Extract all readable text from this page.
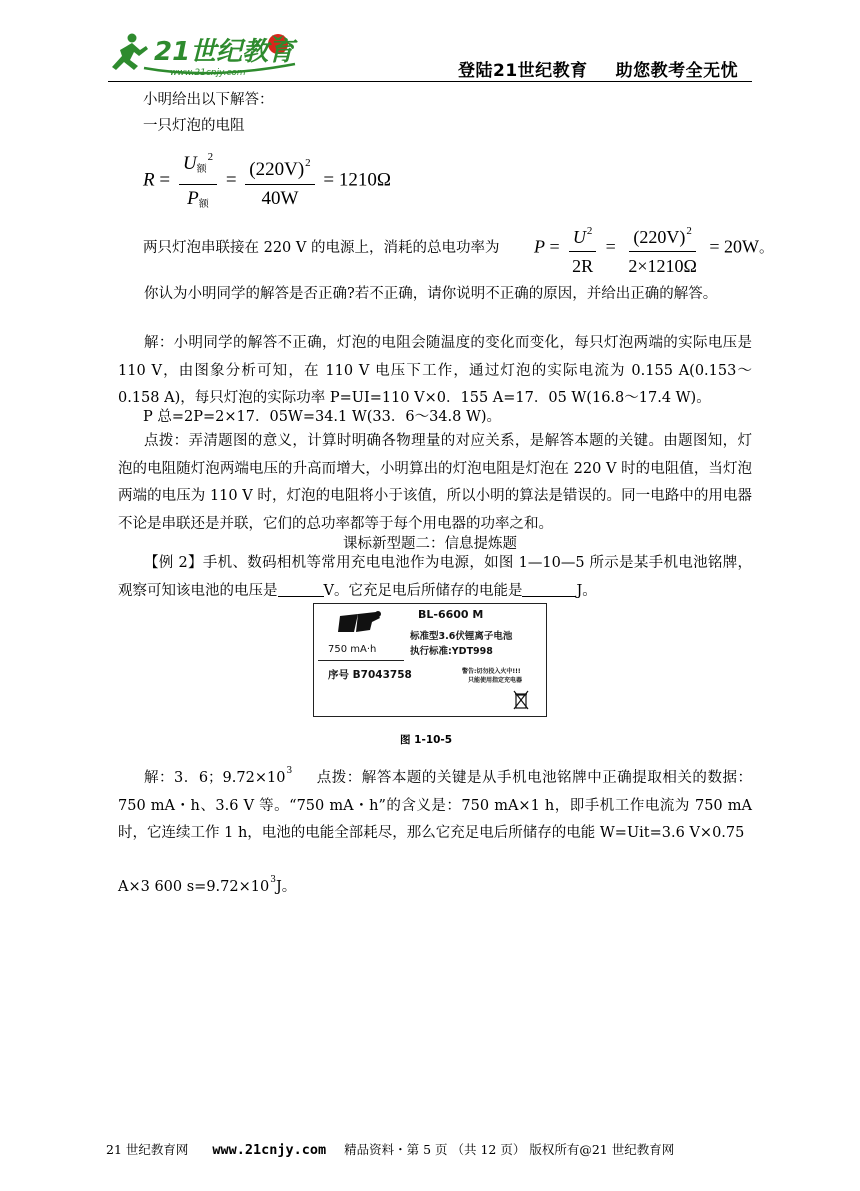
21世纪教育
www.21cnjy.com	登陆21世纪教育 助您教考全无忧
小明给出以下解答：
一只灯泡的电阻
$R = \frac{U额^2}{\text{P额}} = \frac{(220V)^2}{40W} = 1210\Omega$
两只灯泡串联接在 220 V 的电源上，消耗的总电功率为 $P = \frac{U^2}{2R} = \frac{(220V)^2}{2\times 1210\Omega} = 20W$。
你认为小明同学的解答是否正确?若不正确，请你说明不正确的原因，并给出正确的解答。
解：小明同学的解答不正确，灯泡的电阻会随温度的变化而变化，每只灯泡两端的实际电压是 110 V，由图象分析可知，在 110 V 电压下工作，通过灯泡的实际电流为 0.155 A(0.153～0.158 A)，每只灯泡的实际功率 P=UI=110 V×0．155 A=17．05 W(16.8～17.4 W)。
P 总=2P=2×17．05W=34.1 W(33．6～34.8 W)。
点拨：弄清题图的意义，计算时明确各物理量的对应关系，是解答本题的关键。由题图知，灯泡的电阻随灯泡两端电压的升高而增大，小明算出的灯泡电阻是灯泡在 220 V 时的电阻值，当灯泡两端的电压为 110 V 时，灯泡的电阻将小于该值，所以小明的算法是错误的。同一电路中的用电器不论是串联还是并联，它们的总功率都等于每个用电器的功率之和。
课标新型题二：信息提炼题
【例 2】手机、数码相机等常用充电电池作为电源，如图 1—10—5 所示是某手机电池铭牌，观察可知该电池的电压是	V。它充足电后所储存的电能是	J。
BL-6600 M
标准型3.6伏锂离子电池
执行标准:YDT998
750 mA·h
序号 B7043758	警告:切勿投入火中!!!
只能使用指定充电器
图 1-10-5
解：3．6；$9.72\times 10^3$ 点拨：解答本题的关键是从手机电池铭牌中正确提取相关的数据：750 mA・h、3.6 V 等。“750 mA・h”的含义是：750 mA×1 h，即手机工作电流为 750 mA 时，它连续工作 1 h，电池的电能全部耗尽，那么它充足电后所储存的电能 W=Uit=3.6 V×0.75
A×3 600 $s=9.72\times 10^3J$。
21 世纪教育网 www.21cnjy.com 精品资料・第 5 页 （共 12 页） 版权所有@21 世纪教育网
